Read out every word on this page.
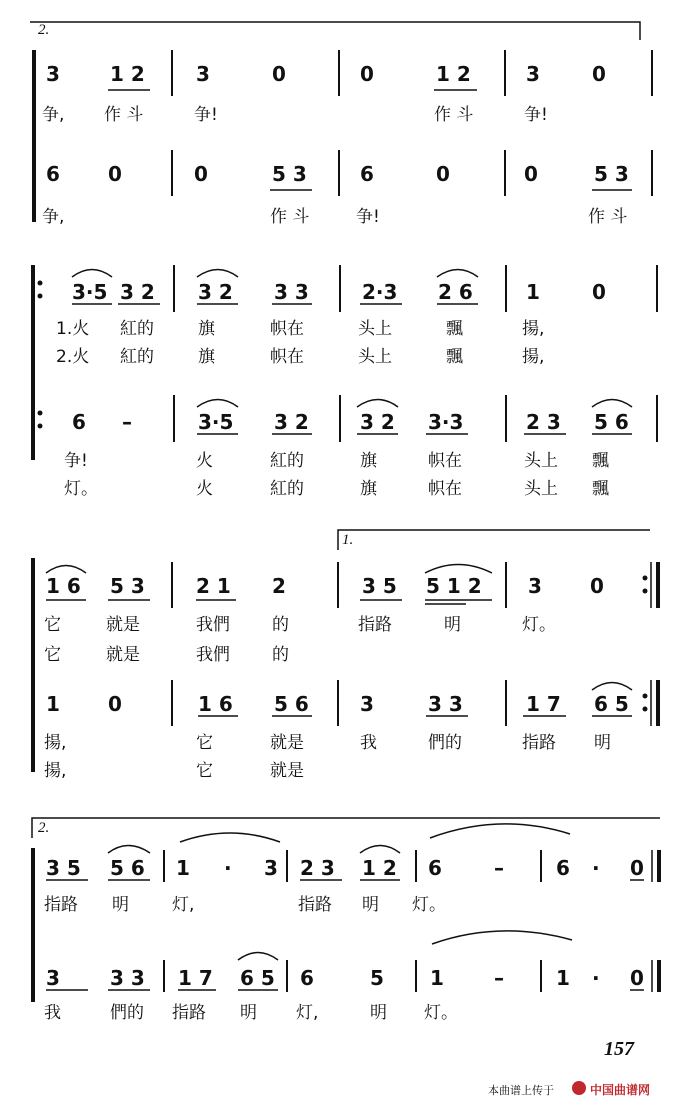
2.
1.
2.
3	1 2	3	0	0	1 2	3	0
争, 作 斗	争!	作 斗	争!
6 0	0	5 3	6	0	0	5 3
争,	作 斗	争!	作 斗
3·5 3 2 3 2 3 3	2·3 2 6	1	0
1.火 紅的	旗	帜在	头上	飄	揚,
2.火 紅的	旗	帜在	头上	飄	揚,
6 –	3·5 3 2	3 2 3·3	2 3 5 6
争!	火	紅的	旗	帜在	头上 飄
灯。	火	紅的	旗	帜在	头上 飄
1 6 5 3	2 1 2	3 5 5 1 2 3 0
它	就是	我們 的	指路	明	灯。
它	就是	我們 的
1 0	1 6 5 6	3	3 3	1 7 6 5
揚,	它	就是	我	們的	指路 明
揚,	它	就是
3 5 5 6 1 · 3 2 3 1 2 6	–	6 · 0
指路 明	灯,	指路 明 灯。
3	3 3 1 7 6 5 6	5 1	–	1 · 0
我	們的 指路 明 灯,	明 灯。
157
本曲谱上传于	中国曲谱网
